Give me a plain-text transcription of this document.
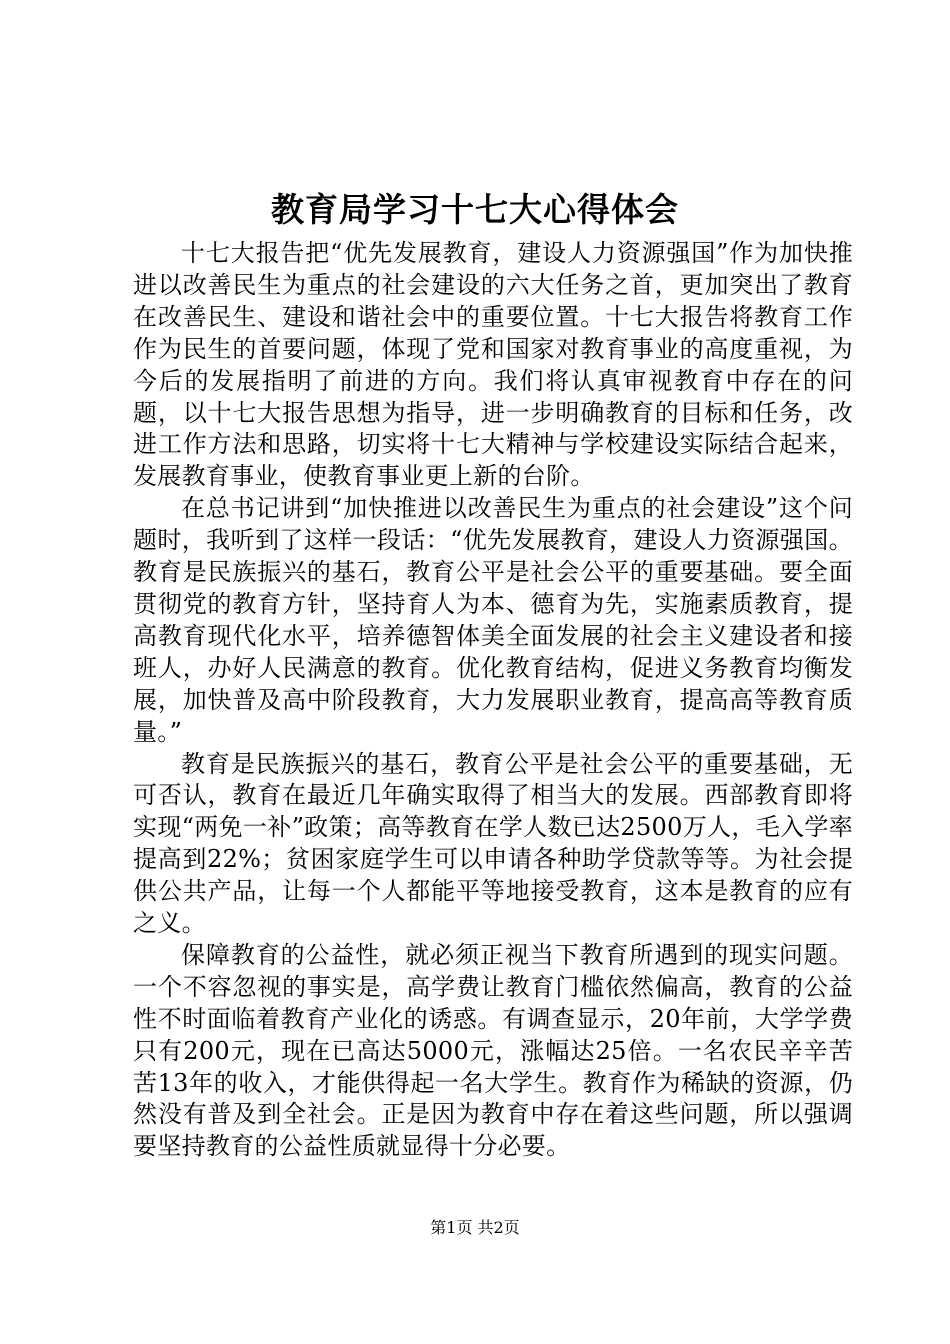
教育局学习十七大心得体会

十七大报告把“优先发展教育，建设人力资源强国”作为加快推进以改善民生为重点的社会建设的六大任务之首，更加突出了教育在改善民生、建设和谐社会中的重要位置。十七大报告将教育工作作为民生的首要问题，体现了党和国家对教育事业的高度重视，为今后的发展指明了前进的方向。我们将认真审视教育中存在的问题，以十七大报告思想为指导，进一步明确教育的目标和任务，改进工作方法和思路，切实将十七大精神与学校建设实际结合起来，发展教育事业，使教育事业更上新的台阶。

在总书记讲到“加快推进以改善民生为重点的社会建设”这个问题时，我听到了这样一段话：“优先发展教育，建设人力资源强国。教育是民族振兴的基石，教育公平是社会公平的重要基础。要全面贯彻党的教育方针，坚持育人为本、德育为先，实施素质教育，提高教育现代化水平，培养德智体美全面发展的社会主义建设者和接班人，办好人民满意的教育。优化教育结构，促进义务教育均衡发展，加快普及高中阶段教育，大力发展职业教育，提高高等教育质量。”

教育是民族振兴的基石，教育公平是社会公平的重要基础，无可否认，教育在最近几年确实取得了相当大的发展。西部教育即将实现“两免一补”政策；高等教育在学人数已达2500万人，毛入学率提高到22%；贫困家庭学生可以申请各种助学贷款等等。为社会提供公共产品，让每一个人都能平等地接受教育，这本是教育的应有之义。

保障教育的公益性，就必须正视当下教育所遇到的现实问题。一个不容忽视的事实是，高学费让教育门槛依然偏高，教育的公益性不时面临着教育产业化的诱惑。有调查显示，20年前，大学学费只有200元，现在已高达5000元，涨幅达25倍。一名农民辛辛苦苦13年的收入，才能供得起一名大学生。教育作为稀缺的资源，仍然没有普及到全社会。正是因为教育中存在着这些问题，所以强调要坚持教育的公益性质就显得十分必要。

第1页 共2页
